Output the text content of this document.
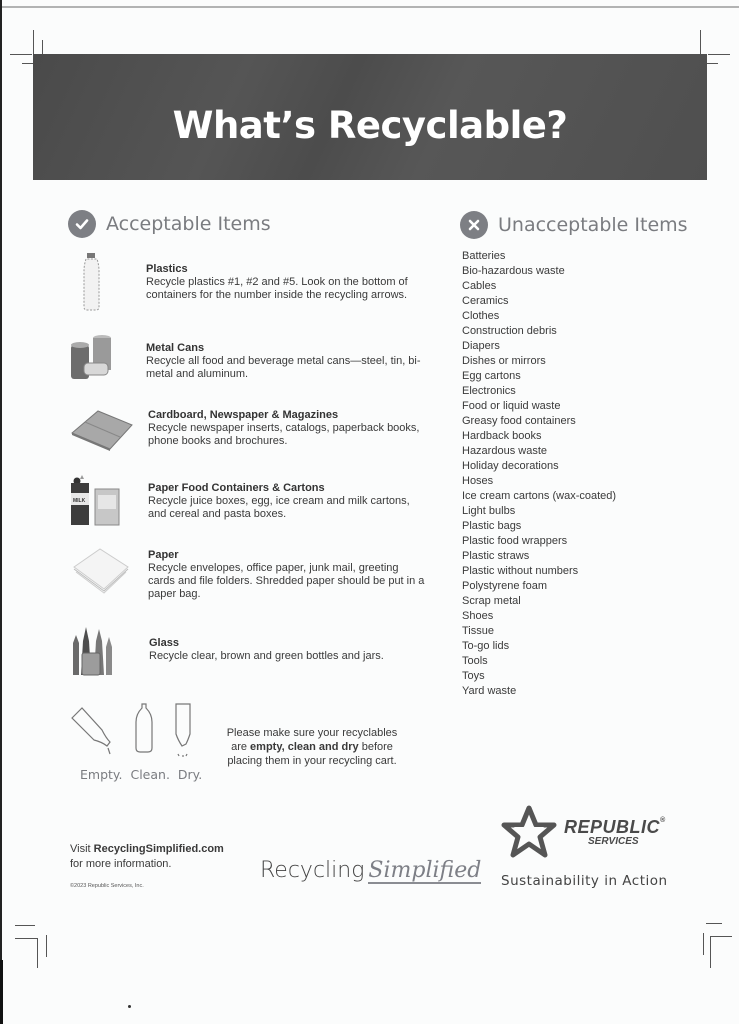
What’s Recyclable?
Acceptable Items
Plastics
Recycle plastics #1, #2 and #5. Look on the bottom of containers for the number inside the recycling arrows.
Metal Cans
Recycle all food and beverage metal cans—steel, tin, bi-metal and aluminum.
Cardboard, Newspaper & Magazines
Recycle newspaper inserts, catalogs, paperback books, phone books and brochures.
MILK
Paper Food Containers & Cartons
Recycle juice boxes, egg, ice cream and milk cartons, and cereal and pasta boxes.
Paper
Recycle envelopes, office paper, junk mail, greeting cards and file folders. Shredded paper should be put in a paper bag.
Glass
Recycle clear, brown and green bottles and jars.
Empty. Clean. Dry.
Please make sure your recyclables are empty, clean and dry before placing them in your recycling cart.
Unacceptable Items
Batteries
Bio-hazardous waste
Cables
Ceramics
Clothes
Construction debris
Diapers
Dishes or mirrors
Egg cartons
Electronics
Food or liquid waste
Greasy food containers
Hardback books
Hazardous waste
Holiday decorations
Hoses
Ice cream cartons (wax-coated)
Light bulbs
Plastic bags
Plastic food wrappers
Plastic straws
Plastic without numbers
Polystyrene foam
Scrap metal
Shoes
Tissue
To-go lids
Tools
Toys
Yard waste
Visit RecyclingSimplified.com
for more information.
©2023 Republic Services, Inc.
Recycling Simplified
REPUBLIC®
SERVICES
Sustainability in Action
